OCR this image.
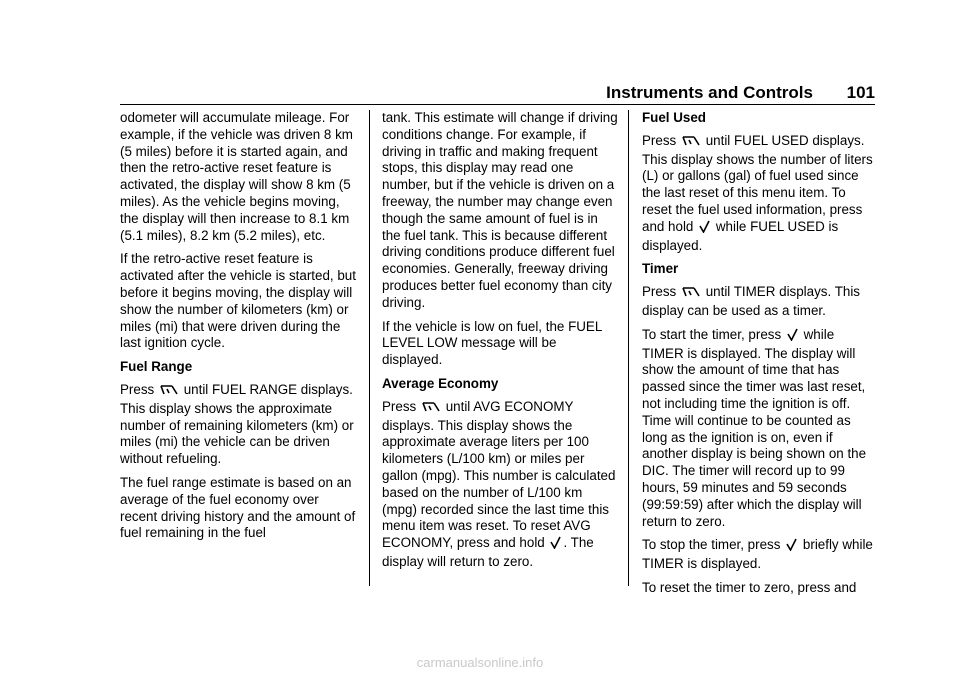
Instruments and Controls 101

odometer will accumulate mileage. For example, if the vehicle was driven 8 km (5 miles) before it is started again, and then the retro-active reset feature is activated, the display will show 8 km (5 miles). As the vehicle begins moving, the display will then increase to 8.1 km (5.1 miles), 8.2 km (5.2 miles), etc.

If the retro-active reset feature is activated after the vehicle is started, but before it begins moving, the display will show the number of kilometers (km) or miles (mi) that were driven during the last ignition cycle.

Fuel Range

Press until FUEL RANGE displays. This display shows the approximate number of remaining kilometers (km) or miles (mi) the vehicle can be driven without refueling.

The fuel range estimate is based on an average of the fuel economy over recent driving history and the amount of fuel remaining in the fuel

tank. This estimate will change if driving conditions change. For example, if driving in traffic and making frequent stops, this display may read one number, but if the vehicle is driven on a freeway, the number may change even though the same amount of fuel is in the fuel tank. This is because different driving conditions produce different fuel economies. Generally, freeway driving produces better fuel economy than city driving.

If the vehicle is low on fuel, the FUEL LEVEL LOW message will be displayed.

Average Economy

Press until AVG ECONOMY displays. This display shows the approximate average liters per 100 kilometers (L/100 km) or miles per gallon (mpg). This number is calculated based on the number of L/100 km (mpg) recorded since the last time this menu item was reset. To reset AVG ECONOMY, press and hold . The display will return to zero.

Fuel Used

Press until FUEL USED displays. This display shows the number of liters (L) or gallons (gal) of fuel used since the last reset of this menu item. To reset the fuel used information, press and hold while FUEL USED is displayed.

Timer

Press until TIMER displays. This display can be used as a timer.

To start the timer, press while TIMER is displayed. The display will show the amount of time that has passed since the timer was last reset, not including time the ignition is off. Time will continue to be counted as long as the ignition is on, even if another display is being shown on the DIC. The timer will record up to 99 hours, 59 minutes and 59 seconds (99:59:59) after which the display will return to zero.

To stop the timer, press briefly while TIMER is displayed.

To reset the timer to zero, press and

carmanualsonline.info
